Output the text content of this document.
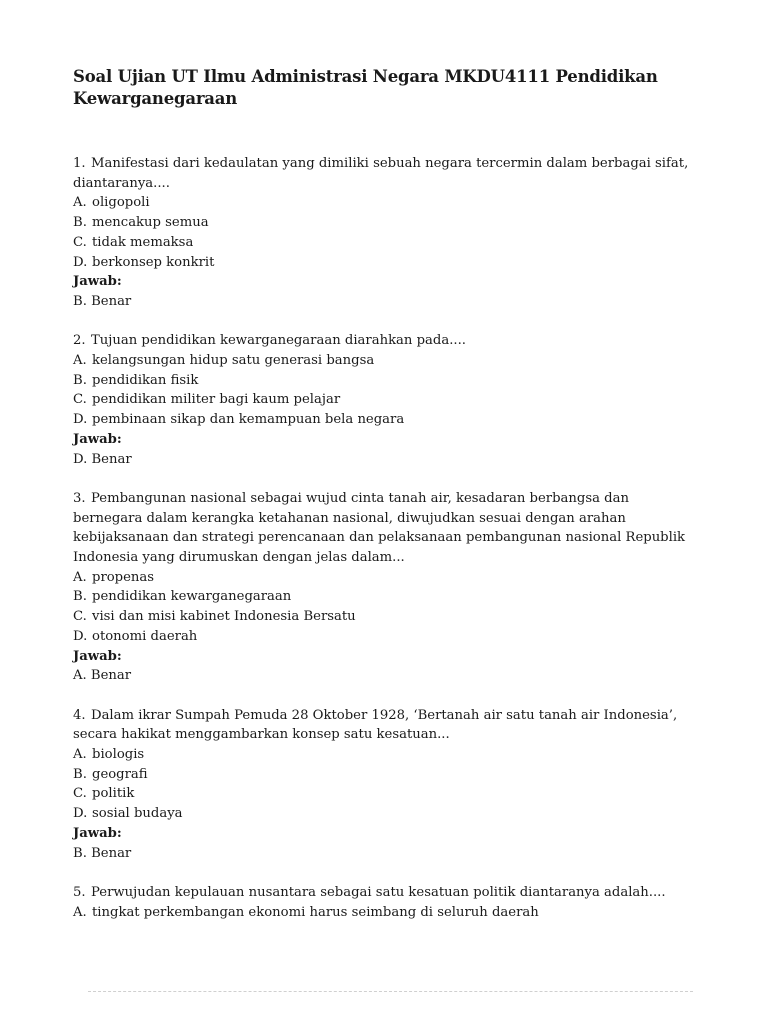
Soal Ujian UT Ilmu Administrasi Negara MKDU4111 Pendidikan Kewarganegaraan

1. Manifestasi dari kedaulatan yang dimiliki sebuah negara tercermin dalam berbagai sifat, diantaranya....

A. oligopoli

B. mencakup semua

C. tidak memaksa

D. berkonsep konkrit

Jawab:

B. Benar

2. Tujuan pendidikan kewarganegaraan diarahkan pada....

A. kelangsungan hidup satu generasi bangsa

B. pendidikan fisik

C. pendidikan militer bagi kaum pelajar

D. pembinaan sikap dan kemampuan bela negara

Jawab:

D. Benar

3. Pembangunan nasional sebagai wujud cinta tanah air, kesadaran berbangsa dan bernegara dalam kerangka ketahanan nasional, diwujudkan sesuai dengan arahan kebijaksanaan dan strategi perencanaan dan pelaksanaan pembangunan nasional Republik Indonesia yang dirumuskan dengan jelas dalam...

A. propenas

B. pendidikan kewarganegaraan

C. visi dan misi kabinet Indonesia Bersatu

D. otonomi daerah

Jawab:

A. Benar

4. Dalam ikrar Sumpah Pemuda 28 Oktober 1928, ‘Bertanah air satu tanah air Indonesia’, secara hakikat menggambarkan konsep satu kesatuan...

A. biologis

B. geografi

C. politik

D. sosial budaya

Jawab:

B. Benar

5. Perwujudan kepulauan nusantara sebagai satu kesatuan politik diantaranya adalah....

A. tingkat perkembangan ekonomi harus seimbang di seluruh daerah
